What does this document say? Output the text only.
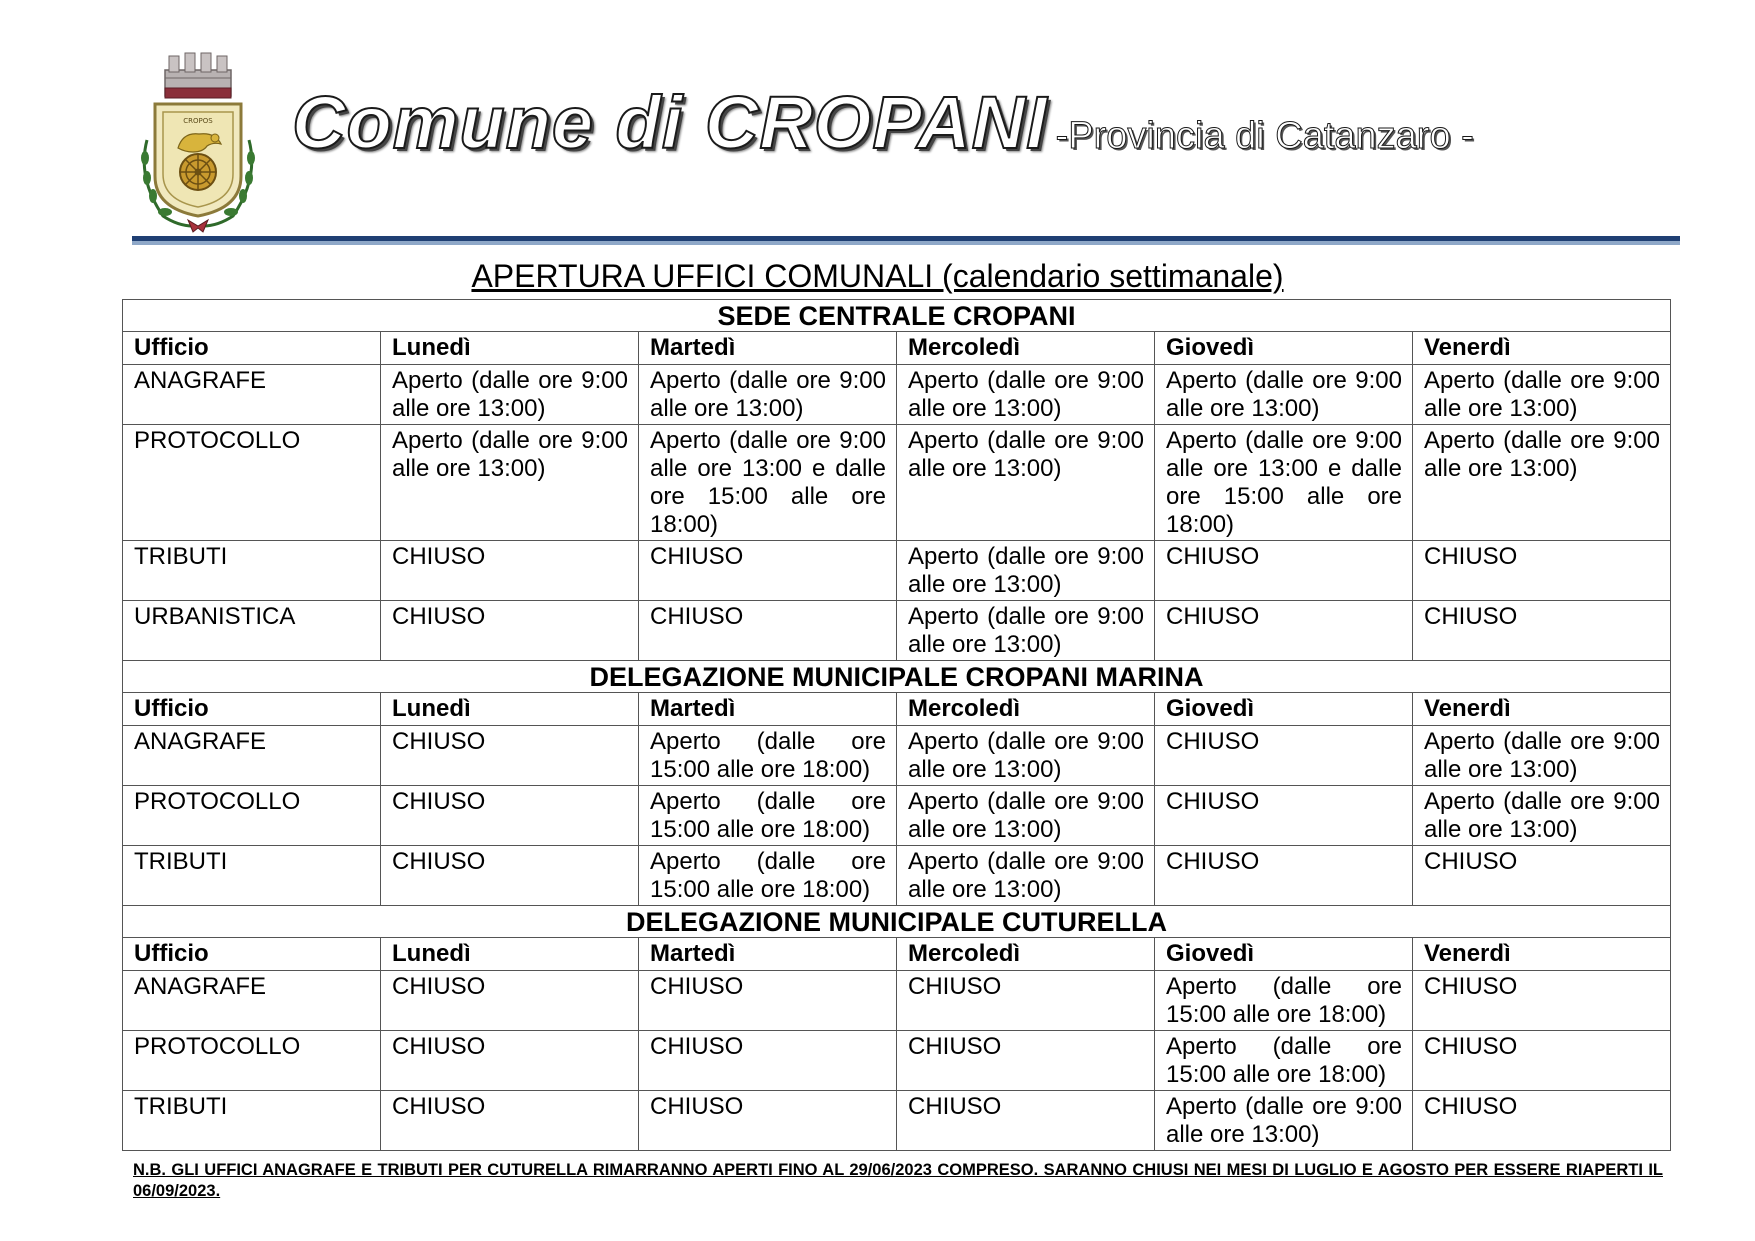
CROPOS Comune di CROPANI -Provincia di Catanzaro -
APERTURA UFFICI COMUNALI (calendario settimanale)
SEDE CENTRALE CROPANI					
Ufficio	Lunedì	Martedì	Mercoledì	Giovedì	Venerdì
ANAGRAFE	Aperto (dalle ore 9:00 alle ore 13:00)	Aperto (dalle ore 9:00 alle ore 13:00)	Aperto (dalle ore 9:00 alle ore 13:00)	Aperto (dalle ore 9:00 alle ore 13:00)	Aperto (dalle ore 9:00 alle ore 13:00)
PROTOCOLLO	Aperto (dalle ore 9:00 alle ore 13:00)	Aperto (dalle ore 9:00 alle ore 13:00 e dalle ore 15:00 alle ore 18:00)	Aperto (dalle ore 9:00 alle ore 13:00)	Aperto (dalle ore 9:00 alle ore 13:00 e dalle ore 15:00 alle ore 18:00)	Aperto (dalle ore 9:00 alle ore 13:00)
TRIBUTI	CHIUSO	CHIUSO	Aperto (dalle ore 9:00 alle ore 13:00)	CHIUSO	CHIUSO
URBANISTICA	CHIUSO	CHIUSO	Aperto (dalle ore 9:00 alle ore 13:00)	CHIUSO	CHIUSO
DELEGAZIONE MUNICIPALE CROPANI MARINA					
Ufficio	Lunedì	Martedì	Mercoledì	Giovedì	Venerdì
ANAGRAFE	CHIUSO	Aperto (dalle ore 15:00 alle ore 18:00)	Aperto (dalle ore 9:00 alle ore 13:00)	CHIUSO	Aperto (dalle ore 9:00 alle ore 13:00)
PROTOCOLLO	CHIUSO	Aperto (dalle ore 15:00 alle ore 18:00)	Aperto (dalle ore 9:00 alle ore 13:00)	CHIUSO	Aperto (dalle ore 9:00 alle ore 13:00)
TRIBUTI	CHIUSO	Aperto (dalle ore 15:00 alle ore 18:00)	Aperto (dalle ore 9:00 alle ore 13:00)	CHIUSO	CHIUSO
DELEGAZIONE MUNICIPALE CUTURELLA					
Ufficio	Lunedì	Martedì	Mercoledì	Giovedì	Venerdì
ANAGRAFE	CHIUSO	CHIUSO	CHIUSO	Aperto (dalle ore 15:00 alle ore 18:00)	CHIUSO
PROTOCOLLO	CHIUSO	CHIUSO	CHIUSO	Aperto (dalle ore 15:00 alle ore 18:00)	CHIUSO
TRIBUTI	CHIUSO	CHIUSO	CHIUSO	Aperto (dalle ore 9:00 alle ore 13:00)	CHIUSO
N.B. GLI UFFICI ANAGRAFE E TRIBUTI PER CUTURELLA RIMARRANNO APERTI FINO AL 29/06/2023 COMPRESO. SARANNO CHIUSI NEI MESI DI LUGLIO E AGOSTO PER ESSERE RIAPERTI IL 06/09/2023.
